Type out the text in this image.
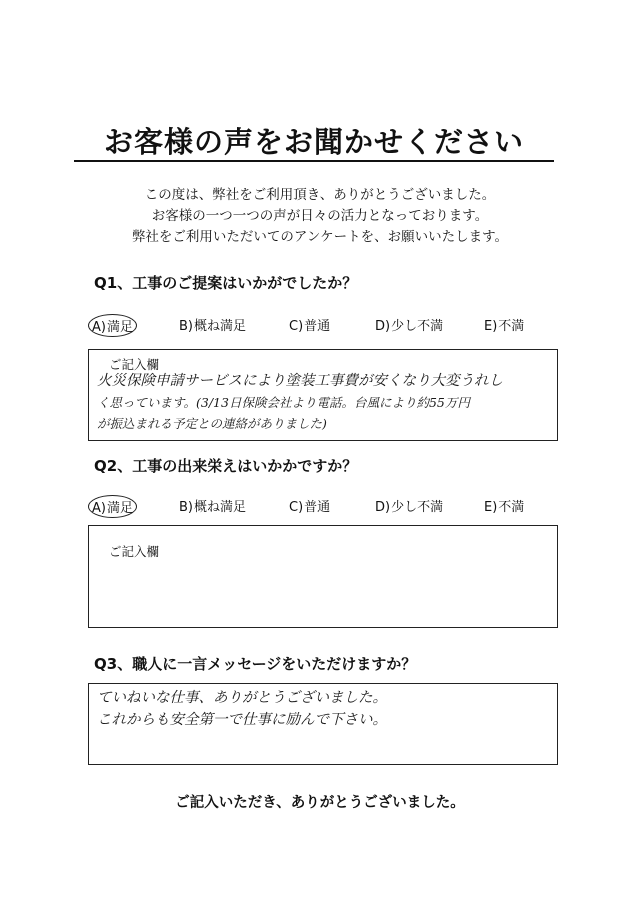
お客様の声をお聞かせください
この度は、弊社をご利用頂き、ありがとうございました。
お客様の一つ一つの声が日々の活力となっております。
弊社をご利用いただいてのアンケートを、お願いいたします。
Q1、工事のご提案はいかがでしたか？
A)満足	B)概ね満足	C)普通	D)少し不満	E)不満
ご記入欄
火災保険申請サービスにより塗装工事費が安くなり大変うれし
く思っています。(3/13日保険会社より電話。台風により約55万円
が振込まれる予定との連絡がありました)
Q2、工事の出来栄えはいかかですか？
A)満足	B)概ね満足	C)普通	D)少し不満	E)不満
ご記入欄
Q3、職人に一言メッセージをいただけますか？
ていねいな仕事、ありがとうございました。
これからも安全第一で仕事に励んで下さい。
ご記入いただき、ありがとうございました。
